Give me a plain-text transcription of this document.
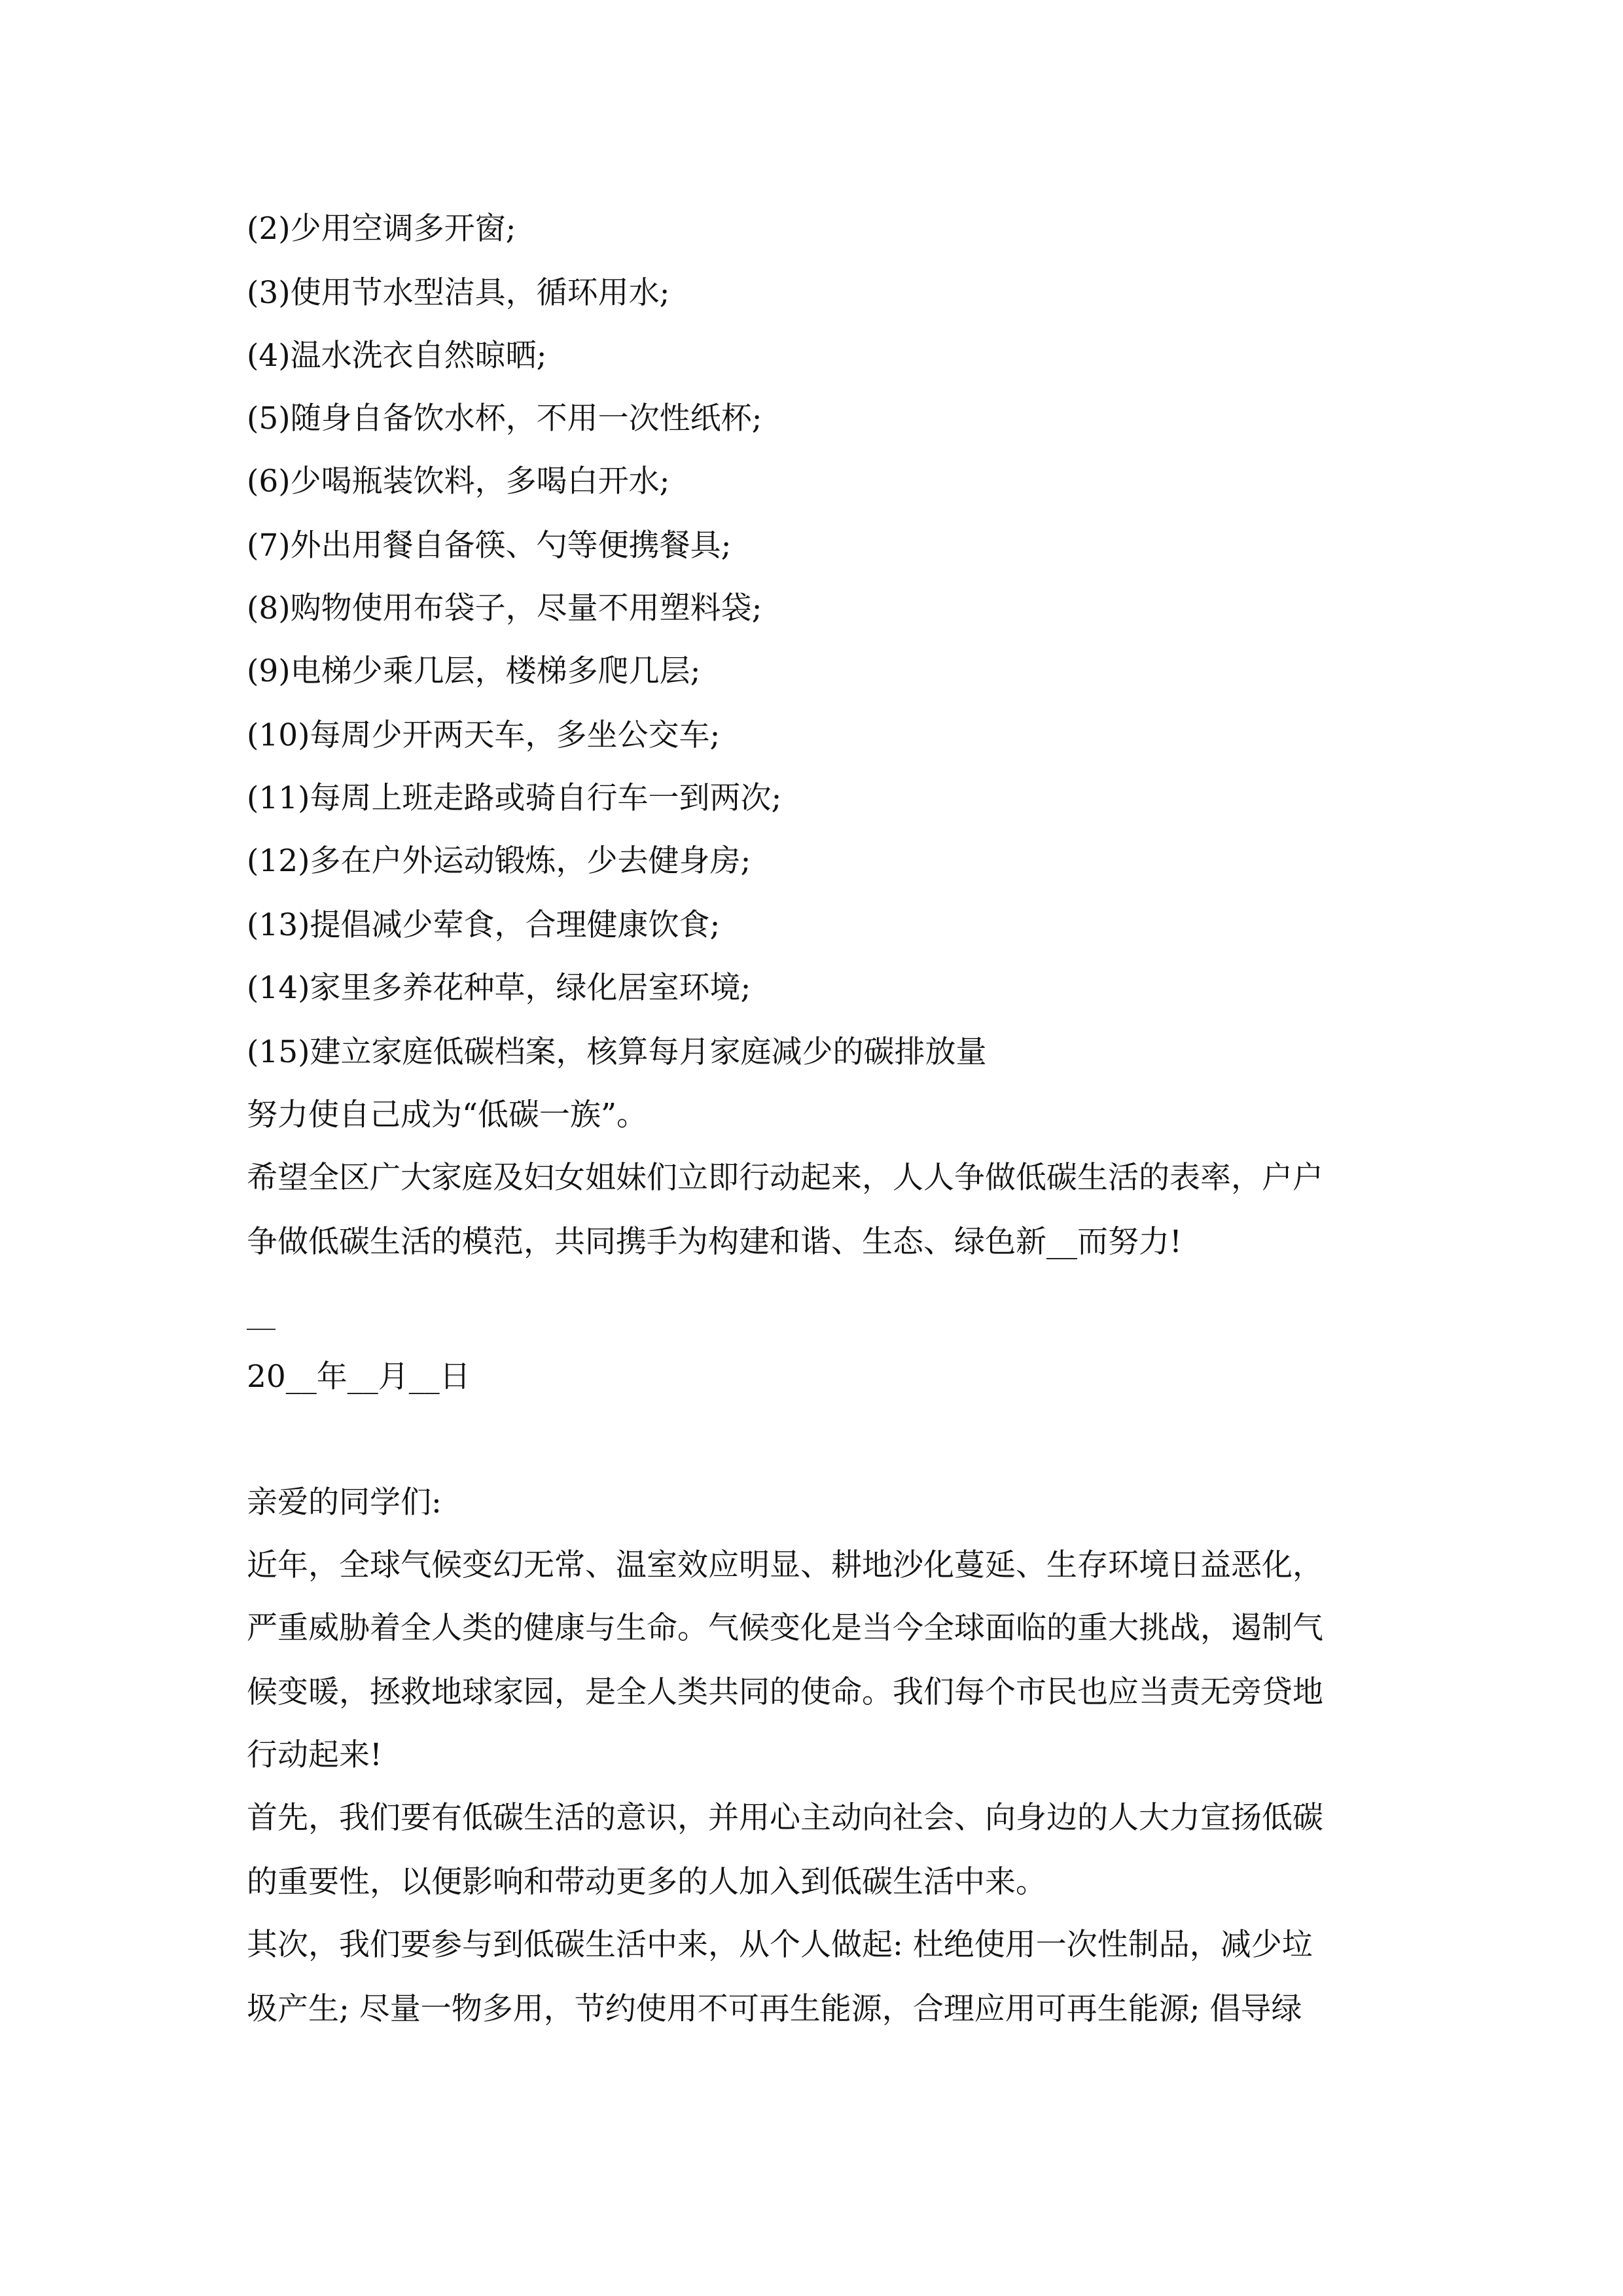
(2)少用空调多开窗;
(3)使用节水型洁具，循环用水;
(4)温水洗衣自然晾晒;
(5)随身自备饮水杯，不用一次性纸杯;
(6)少喝瓶装饮料，多喝白开水;
(7)外出用餐自备筷、勺等便携餐具;
(8)购物使用布袋子，尽量不用塑料袋;
(9)电梯少乘几层，楼梯多爬几层;
(10)每周少开两天车，多坐公交车;
(11)每周上班走路或骑自行车一到两次;
(12)多在户外运动锻炼，少去健身房;
(13)提倡减少荤食，合理健康饮食;
(14)家里多养花种草，绿化居室环境;
(15)建立家庭低碳档案，核算每月家庭减少的碳排放量
努力使自己成为“低碳一族”。
希望全区广大家庭及妇女姐妹们立即行动起来，人人争做低碳生活的表率，户户
争做低碳生活的模范，共同携手为构建和谐、生态、绿色新__而努力!
20__年__月__日
亲爱的同学们:
近年，全球气候变幻无常、温室效应明显、耕地沙化蔓延、生存环境日益恶化，
严重威胁着全人类的健康与生命。气候变化是当今全球面临的重大挑战，遏制气
候变暖，拯救地球家园，是全人类共同的使命。我们每个市民也应当责无旁贷地
行动起来!
首先，我们要有低碳生活的意识，并用心主动向社会、向身边的人大力宣扬低碳
的重要性，以便影响和带动更多的人加入到低碳生活中来。
其次，我们要参与到低碳生活中来，从个人做起: 杜绝使用一次性制品，减少垃
圾产生; 尽量一物多用，节约使用不可再生能源，合理应用可再生能源; 倡导绿
